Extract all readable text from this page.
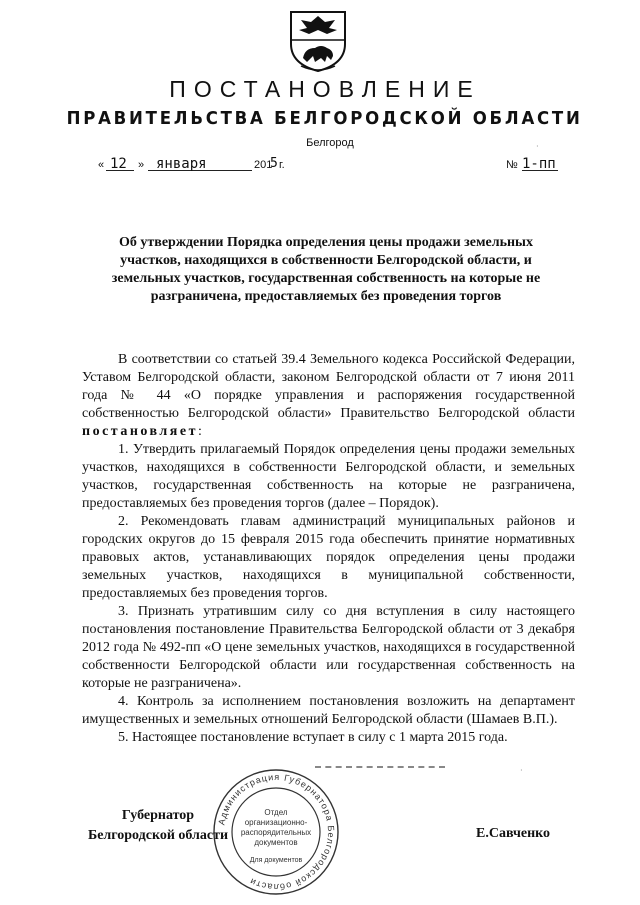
ПОСТАНОВЛЕНИЕ
ПРАВИТЕЛЬСТВА БЕЛГОРОДСКОЙ ОБЛАСТИ
Белгород
« 12 » января	201
5 г.	№ 1-пп
Об утверждении Порядка определения цены продажи земельных участков, находящихся в собственности Белгородской области, и земельных участков, государственная собственность на которые не разграничена, предоставляемых без проведения торгов

В соответствии со статьей 39.4 Земельного кодекса Российской Федерации, Уставом Белгородской области, законом Белгородской области от 7 июня 2011 года № 44 «О порядке управления и распоряжения государственной собственностью Белгородской области» Правительство Белгородской области постановляет:

1. Утвердить прилагаемый Порядок определения цены продажи земельных участков, находящихся в собственности Белгородской области, и земельных участков, государственная собственность на которые не разграничена, предоставляемых без проведения торгов (далее – Порядок).

2. Рекомендовать главам администраций муниципальных районов и городских округов до 15 февраля 2015 года обеспечить принятие нормативных правовых актов, устанавливающих порядок определения цены продажи земельных участков, находящихся в муниципальной собственности, предоставляемых без проведения торгов.

3. Признать утратившим силу со дня вступления в силу настоящего постановления постановление Правительства Белгородской области от 3 декабря 2012 года № 492-пп «О цене земельных участков, находящихся в государственной собственности Белгородской области или государственная собственность на которые не разграничена».

4. Контроль за исполнением постановления возложить на департамент имущественных и земельных отношений Белгородской области (Шамаев В.П.).

5. Настоящее постановление вступает в силу с 1 марта 2015 года.

·
·
Администрация Губернатора Белгородской области
Отдел
организационно-
распорядительных
документов
Для документов
Губернатор
Белгородской области	Е.Савченко
